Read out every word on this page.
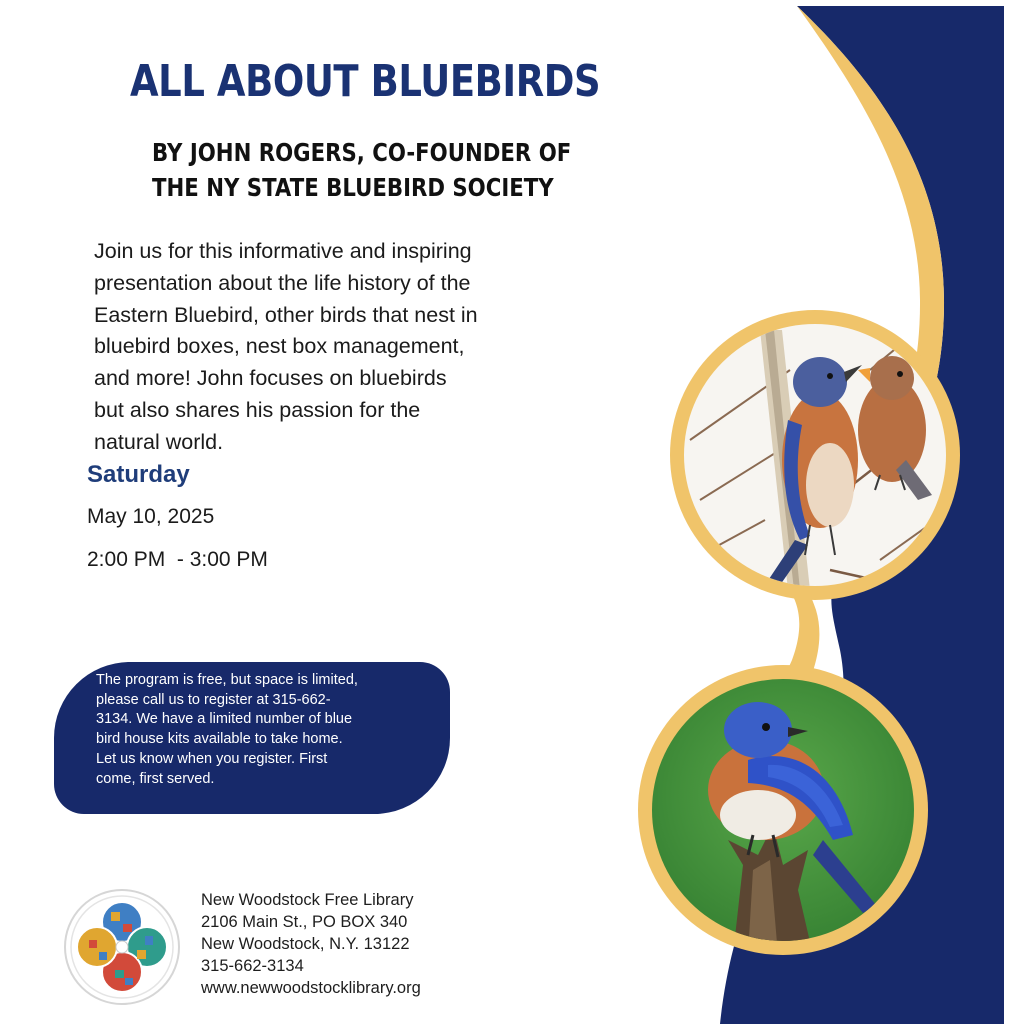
ALL ABOUT BLUEBIRDS
BY JOHN ROGERS, CO-FOUNDER OF
THE NY STATE BLUEBIRD SOCIETY

Join us for this informative and inspiring
presentation about the life history of the
Eastern Bluebird, other birds that nest in
bluebird boxes, nest box management,
and more! John focuses on bluebirds
but also shares his passion for the
natural world.

Saturday
May 10, 2025
2:00 PM  - 3:00 PM

The program is free, but space is limited,
please call us to register at 315-662-
3134. We have a limited number of blue
bird house kits available to take home.
Let us know when you register. First
come, first served.

New Woodstock Free Library
2106 Main St., PO BOX 340
New Woodstock, N.Y. 13122
315-662-3134
www.newwoodstocklibrary.org
